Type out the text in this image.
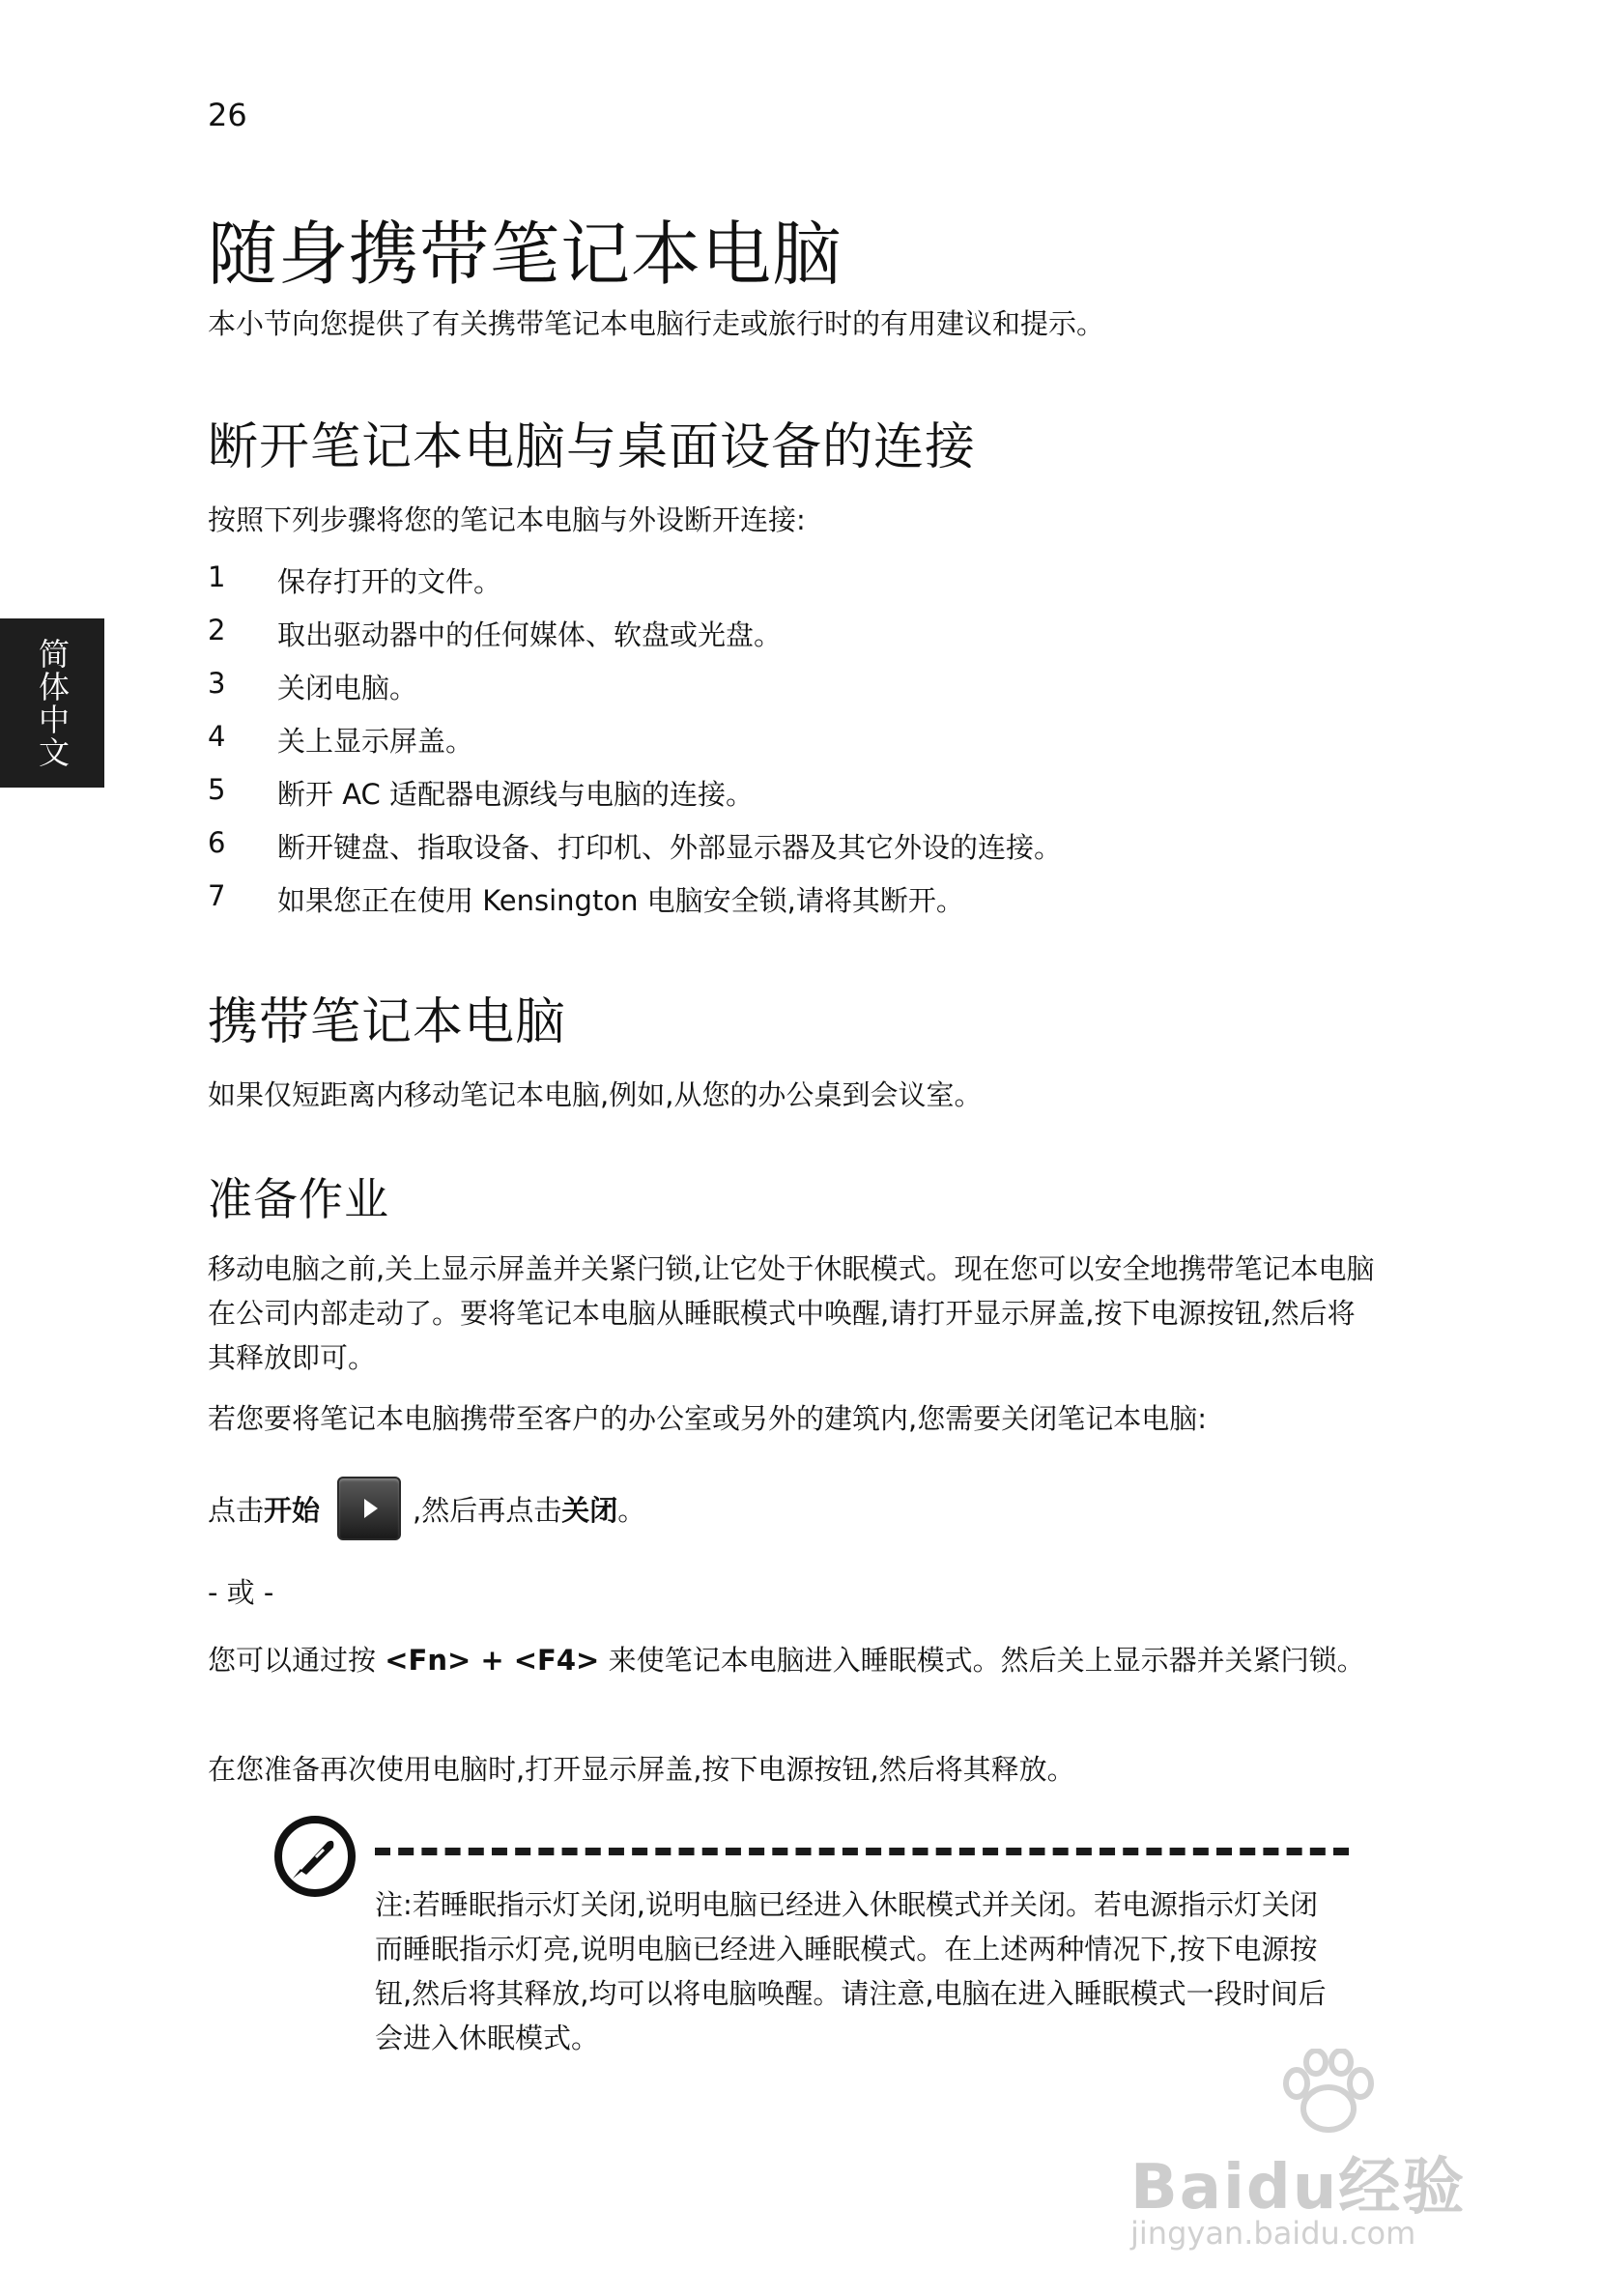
26
简体中文
随身携带笔记本电脑
本小节向您提供了有关携带笔记本电脑行走或旅行时的有用建议和提示。
断开笔记本电脑与桌面设备的连接
按照下列步骤将您的笔记本电脑与外设断开连接:
1 保存打开的文件。
2 取出驱动器中的任何媒体、软盘或光盘。
3 关闭电脑。
4 关上显示屏盖。
5 断开 AC 适配器电源线与电脑的连接。
6 断开键盘、指取设备、打印机、外部显示器及其它外设的连接。
7 如果您正在使用 Kensington 电脑安全锁,请将其断开。
携带笔记本电脑
如果仅短距离内移动笔记本电脑,例如,从您的办公桌到会议室。
准备作业
移动电脑之前,关上显示屏盖并关紧闩锁,让它处于休眠模式。现在您可以安全地携带笔记本电脑在公司内部走动了。要将笔记本电脑从睡眠模式中唤醒,请打开显示屏盖,按下电源按钮,然后将其释放即可。
若您要将笔记本电脑携带至客户的办公室或另外的建筑内,您需要关闭笔记本电脑:
点击 开始	,然后再点击 关闭 。
- 或 -
您可以通过按 <Fn> + <F4> 来使笔记本电脑进入睡眠模式。然后关上显示器并关紧闩锁。
在您准备再次使用电脑时,打开显示屏盖,按下电源按钮,然后将其释放。
注:若睡眠指示灯关闭,说明电脑已经进入休眠模式并关闭。若电源指示灯关闭而睡眠指示灯亮,说明电脑已经进入睡眠模式。在上述两种情况下,按下电源按钮,然后将其释放,均可以将电脑唤醒。请注意,电脑在进入睡眠模式一段时间后会进入休眠模式。
Baidu经验
jingyan.baidu.com
